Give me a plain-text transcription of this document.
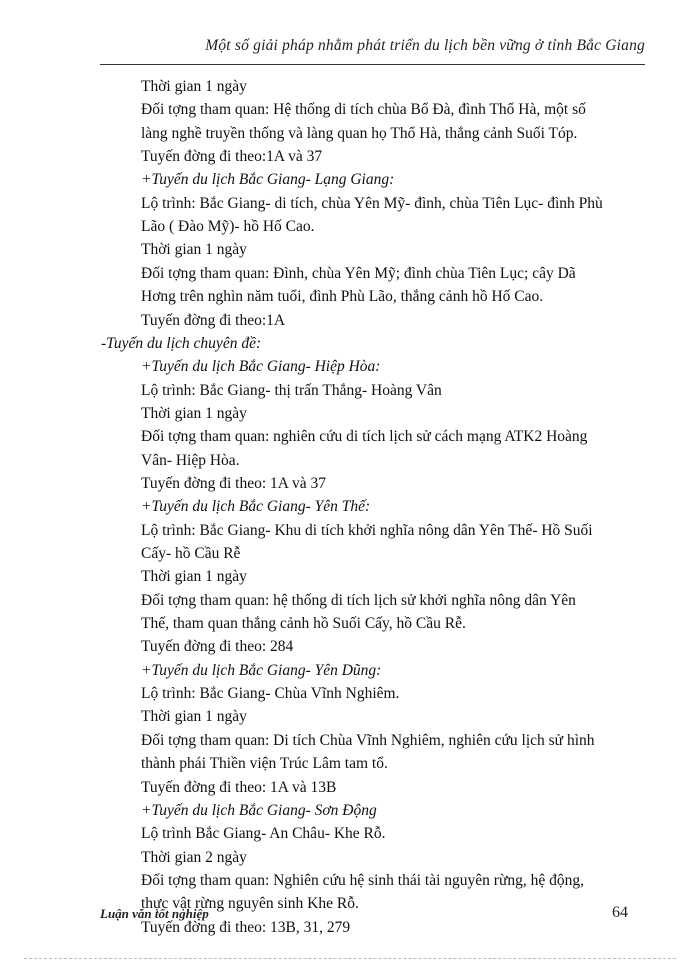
Một số giải pháp nhằm phát triển du lịch bền vững ở tỉnh Bắc Giang
Thời gian 1 ngày
Đối tợng tham quan: Hệ thống di tích chùa Bổ Đà, đình Thổ Hà, một số
làng nghề truyền thống và làng quan họ Thổ Hà, thắng cảnh Suối Tóp.
Tuyến đờng đi theo:1A và 37
+Tuyến du lịch Bắc Giang- Lạng Giang:
Lộ trình: Bắc Giang- di tích, chùa Yên Mỹ- đình, chùa Tiên Lục- đình Phù
Lão ( Đào Mỹ)- hồ Hố Cao.
Thời gian 1 ngày
Đối tợng tham quan: Đình, chùa Yên Mỹ; đình chùa Tiên Lục; cây Dã
Hơng trên nghìn năm tuổi, đình Phù Lão, thắng cảnh hồ Hố Cao.
Tuyến đờng đi theo:1A
-Tuyến du lịch chuyên đề:
+Tuyến du lịch Bắc Giang- Hiệp Hòa:
Lộ trình: Bắc Giang- thị trấn Thắng- Hoàng Vân
Thời gian 1 ngày
Đối tợng tham quan: nghiên cứu di tích lịch sử cách mạng ATK2 Hoàng
Vân- Hiệp Hòa.
Tuyến đờng đi theo: 1A và 37
+Tuyến du lịch Bắc Giang- Yên Thế:
Lộ trình: Bắc Giang- Khu di tích khởi nghĩa nông dân Yên Thế- Hồ Suối
Cấy- hồ Cầu Rễ
Thời gian 1 ngày
Đối tợng tham quan: hệ thống di tích lịch sử khởi nghĩa nông dân Yên
Thế, tham quan thắng cảnh hồ Suối Cấy, hồ Cầu Rễ.
Tuyến đờng đi theo: 284
+Tuyến du lịch Bắc Giang- Yên Dũng:
Lộ trình: Bắc Giang- Chùa Vĩnh Nghiêm.
Thời gian 1 ngày
Đối tợng tham quan: Di tích Chùa Vĩnh Nghiêm, nghiên cứu lịch sử hình
thành phái Thiền viện Trúc Lâm tam tổ.
Tuyến đờng đi theo: 1A và 13B
+Tuyến du lịch Bắc Giang- Sơn Động
Lộ trình Bắc Giang- An Châu- Khe Rỗ.
Thời gian 2 ngày
Đối tợng tham quan: Nghiên cứu hệ sinh thái tài nguyên rừng, hệ động,
thực vật rừng nguyên sinh Khe Rỗ.
Tuyến đờng đi theo: 13B, 31, 279
Luận văn tốt nghiệp	64
